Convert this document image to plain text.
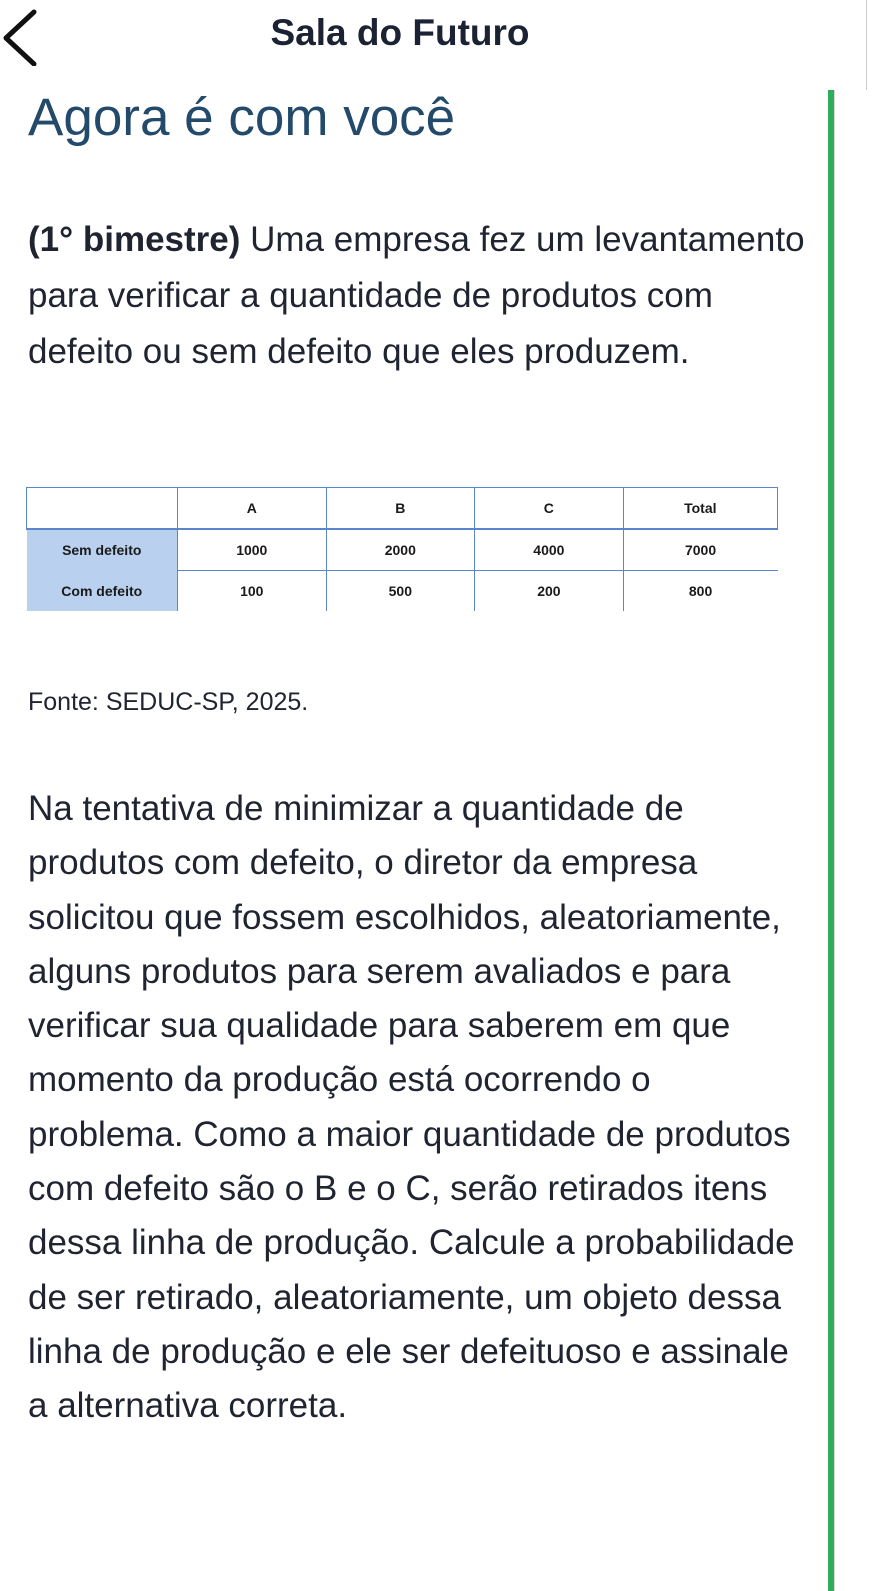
Sala do Futuro
Agora é com você

(1° bimestre) Uma empresa fez um levantamento para verificar a quantidade de produtos com defeito ou sem defeito que eles produzem.

	A	B	C	Total
Sem defeito	1000	2000	4000	7000
Com defeito	100	500	200	800

Fonte: SEDUC-SP, 2025.

Na tentativa de minimizar a quantidade de produtos com defeito, o diretor da empresa solicitou que fossem escolhidos, aleatoriamente, alguns produtos para serem avaliados e para verificar sua qualidade para saberem em que momento da produção está ocorrendo o problema. Como a maior quantidade de produtos com defeito são o B e o C, serão retirados itens dessa linha de produção. Calcule a probabilidade de ser retirado, aleatoriamente, um objeto dessa linha de produção e ele ser defeituoso e assinale a alternativa correta.
